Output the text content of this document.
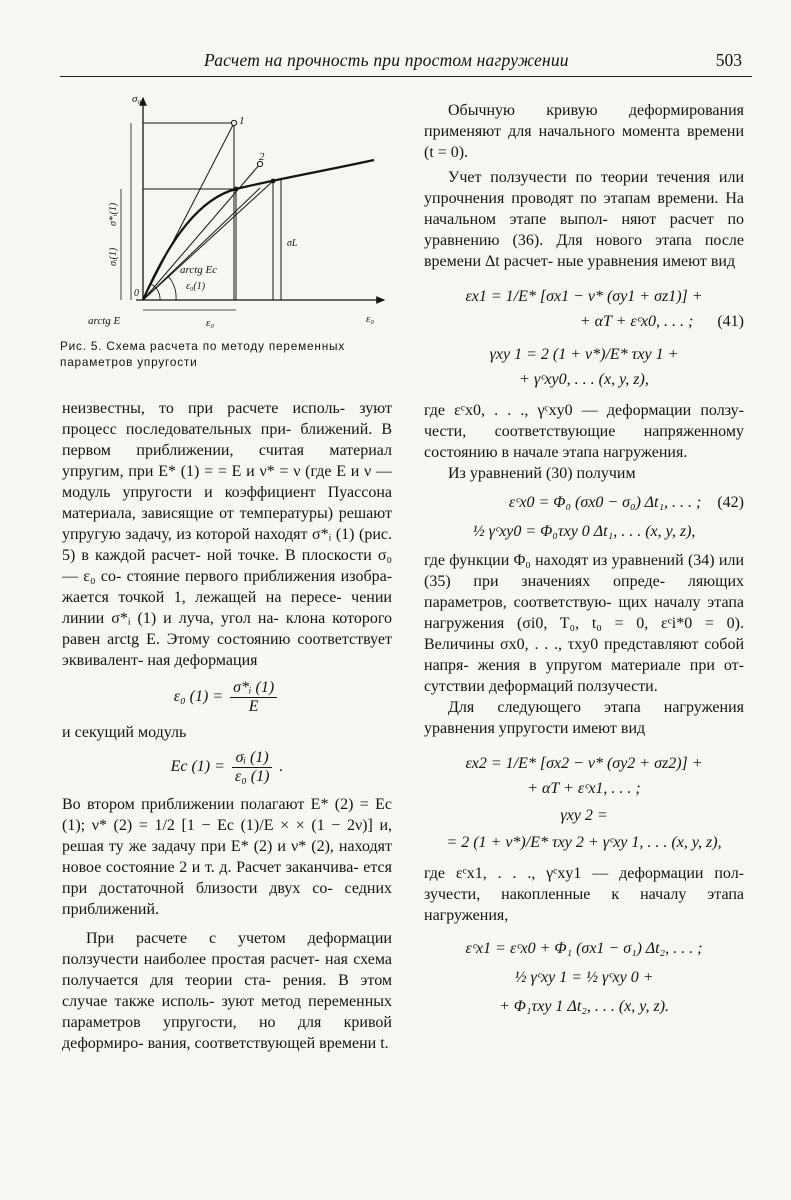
Расчет на прочность при простом нагружении	503
σ₀
ε₀
1
2
σ*ᵢ(1)
σᵢ(1)
σL
arctg Ec
ε₀(1)
0
arctg E	ε₀
Рис. 5. Схема расчета по методу переменных параметров упругости

неизвестны, то при расчете исполь- зуют процесс последовательных при- ближений. В первом приближении, считая материал упругим, при E* (1) = = E и ν* = ν (где E и ν — модуль упругости и коэффициент Пуассона материала, зависящие от температуры) решают упругую задачу, из которой находят σ*ᵢ (1) (рис. 5) в каждой расчет- ной точке. В плоскости σ₀ — ε₀ со- стояние первого приближения изобра- жается точкой 1, лежащей на пересе- чении линии σ*ᵢ (1) и луча, угол на- клона которого равен arctg E. Этому состоянию соответствует эквивалент- ная деформация

ε₀ $(1) = \frac{\text{σ*ᵢ (1)}}{E}$

и секущий модуль

Ec $(1) = \frac{\text{σᵢ (1)}}{\text{ε₀ (1)}}$ .

Во втором приближении полагают E* (2) = Ec (1); ν* (2) = 1/2 [1 − Ec (1)/E × × (1 − 2ν)] и, решая ту же задачу при E* (2) и ν* (2), находят новое состояние 2 и т. д. Расчет заканчива- ется при достаточной близости двух со- седних приближений.

При расчете с учетом деформации ползучести наиболее простая расчет- ная схема получается для теории ста- рения. В этом случае также исполь- зуют метод переменных параметров упругости, но для кривой деформиро- вания, соответствующей времени t.

Обычную кривую деформирования применяют для начального момента времени (t = 0).

Учет ползучести по теории течения или упрочнения проводят по этапам времени. На начальном этапе выпол- няют расчет по уравнению (36). Для нового этапа после времени Δt расчет- ные уравнения имеют вид

εx1 = 1/E* [σx1 − ν* (σy1 + σz1)] +
+ αT + εᶜx0, . . . ; (41)
γxy 1 = 2 (1 + ν*)/E* τxy 1 +
+ γᶜxy0, . . . (x, y, z),

где εᶜx0, . . ., γᶜxy0 — деформации ползу- чести, соответствующие напряженному состоянию в начале этапа нагружения.

Из уравнений (30) получим

εᶜx0 = Φ₀ (σx0 − σ₀) Δt₁, . . . ; (42)
½ γᶜxy0 = Φ₀τxy 0 Δt₁, . . . (x, y, z),

где функции Φ₀ находят из уравнений (34) или (35) при значениях опреде- ляющих параметров, соответствую- щих началу этапа нагружения (σi0, T₀, t₀ = 0, εᶜi*0 = 0). Величины σx0, . . ., τxy0 представляют собой напря- жения в упругом материале при от- сутствии деформаций ползучести.

Для следующего этапа нагружения уравнения упругости имеют вид

εx2 = 1/E* [σx2 − ν* (σy2 + σz2)] +
+ αT + εᶜx1, . . . ;
γxy 2 =
= 2 (1 + ν*)/E* τxy 2 + γᶜxy 1, . . . (x, y, z),

где εᶜx1, . . ., γᶜxy1 — деформации пол- зучести, накопленные к началу этапа нагружения,

εᶜx1 = εᶜx0 + Φ₁ (σx1 − σ₁) Δt₂, . . . ;
½ γᶜxy 1 = ½ γᶜxy 0 +
+ Φ₁τxy 1 Δt₂, . . . (x, y, z).
